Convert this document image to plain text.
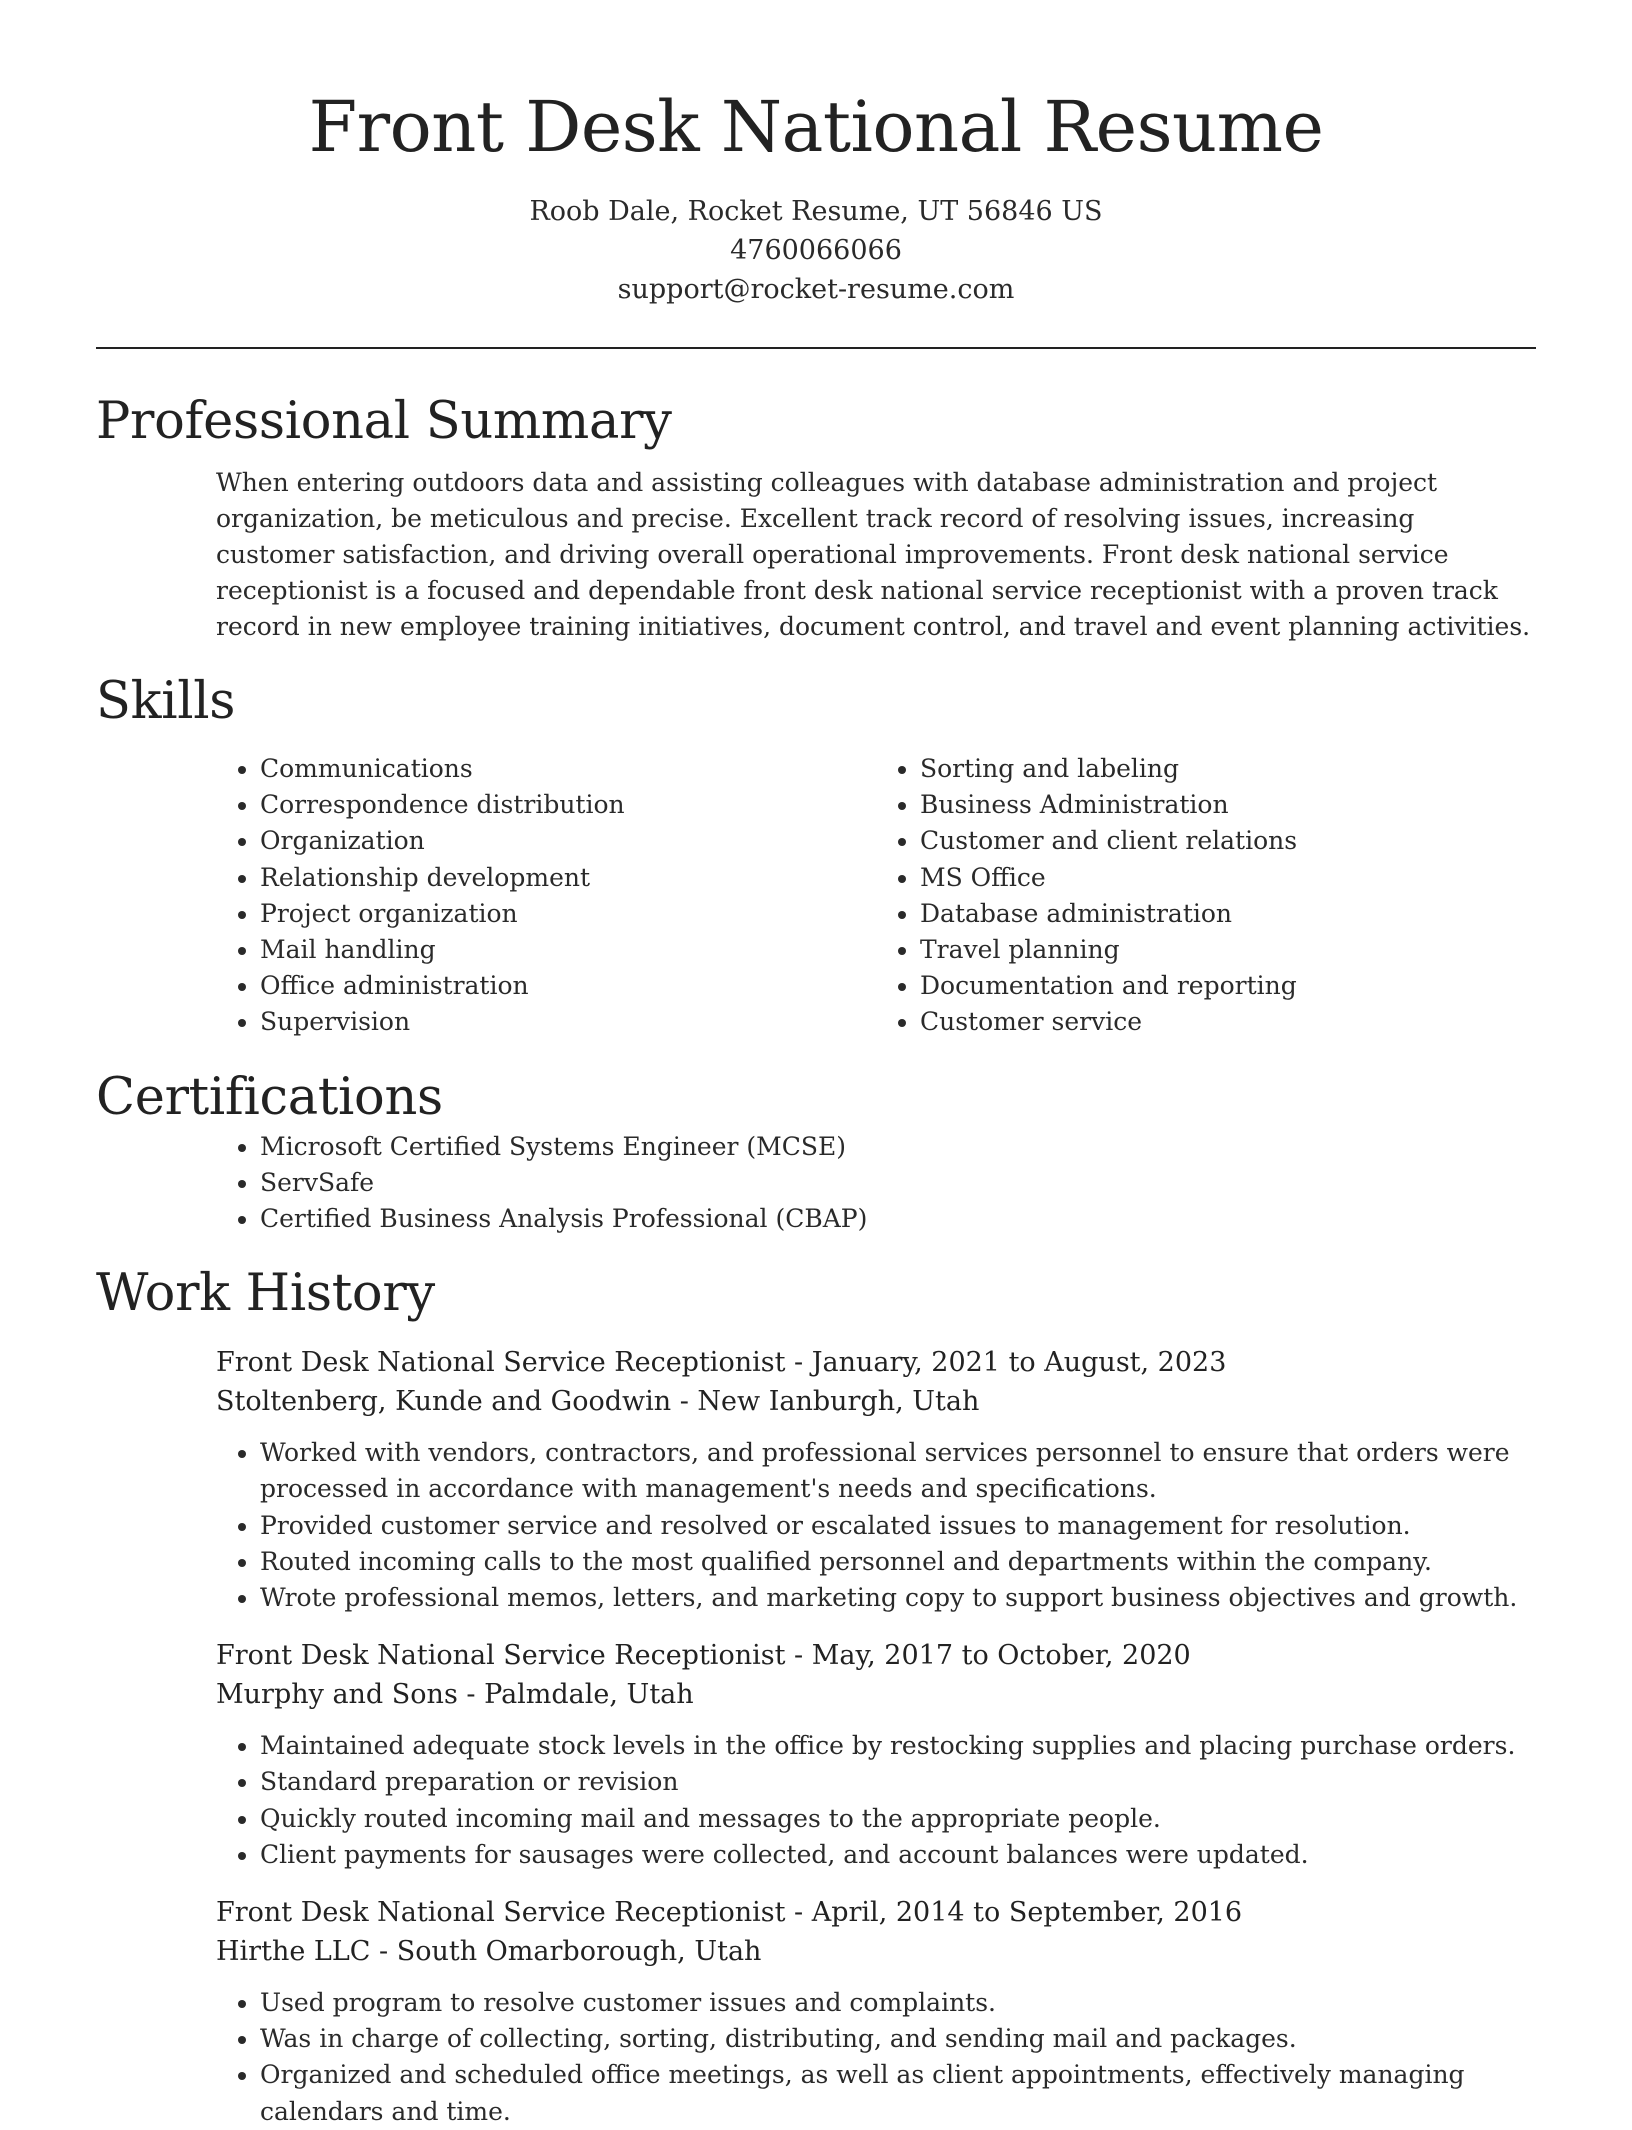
Front Desk National Resume
Roob Dale, Rocket Resume, UT 56846 US
4760066066
support@rocket-resume.com
Professional Summary

When entering outdoors data and assisting colleagues with database administration and project organization, be meticulous and precise. Excellent track record of resolving issues, increasing customer satisfaction, and driving overall operational improvements. Front desk national service receptionist is a focused and dependable front desk national service receptionist with a proven track record in new employee training initiatives, document control, and travel and event planning activities.

Skills
• Communications
• Correspondence distribution
• Organization
• Relationship development
• Project organization
• Mail handling
• Office administration
• Supervision
• Sorting and labeling
• Business Administration
• Customer and client relations
• MS Office
• Database administration
• Travel planning
• Documentation and reporting
• Customer service
Certifications
• Microsoft Certified Systems Engineer (MCSE)
• ServSafe
• Certified Business Analysis Professional (CBAP)
Work History
Front Desk National Service Receptionist - January, 2021 to August, 2023
Stoltenberg, Kunde and Goodwin - New Ianburgh, Utah
• Worked with vendors, contractors, and professional services personnel to ensure that orders were processed in accordance with management's needs and specifications.
• Provided customer service and resolved or escalated issues to management for resolution.
• Routed incoming calls to the most qualified personnel and departments within the company.
• Wrote professional memos, letters, and marketing copy to support business objectives and growth.
Front Desk National Service Receptionist - May, 2017 to October, 2020
Murphy and Sons - Palmdale, Utah
• Maintained adequate stock levels in the office by restocking supplies and placing purchase orders.
• Standard preparation or revision
• Quickly routed incoming mail and messages to the appropriate people.
• Client payments for sausages were collected, and account balances were updated.
Front Desk National Service Receptionist - April, 2014 to September, 2016
Hirthe LLC - South Omarborough, Utah
• Used program to resolve customer issues and complaints.
• Was in charge of collecting, sorting, distributing, and sending mail and packages.
• Organized and scheduled office meetings, as well as client appointments, effectively managing calendars and time.
